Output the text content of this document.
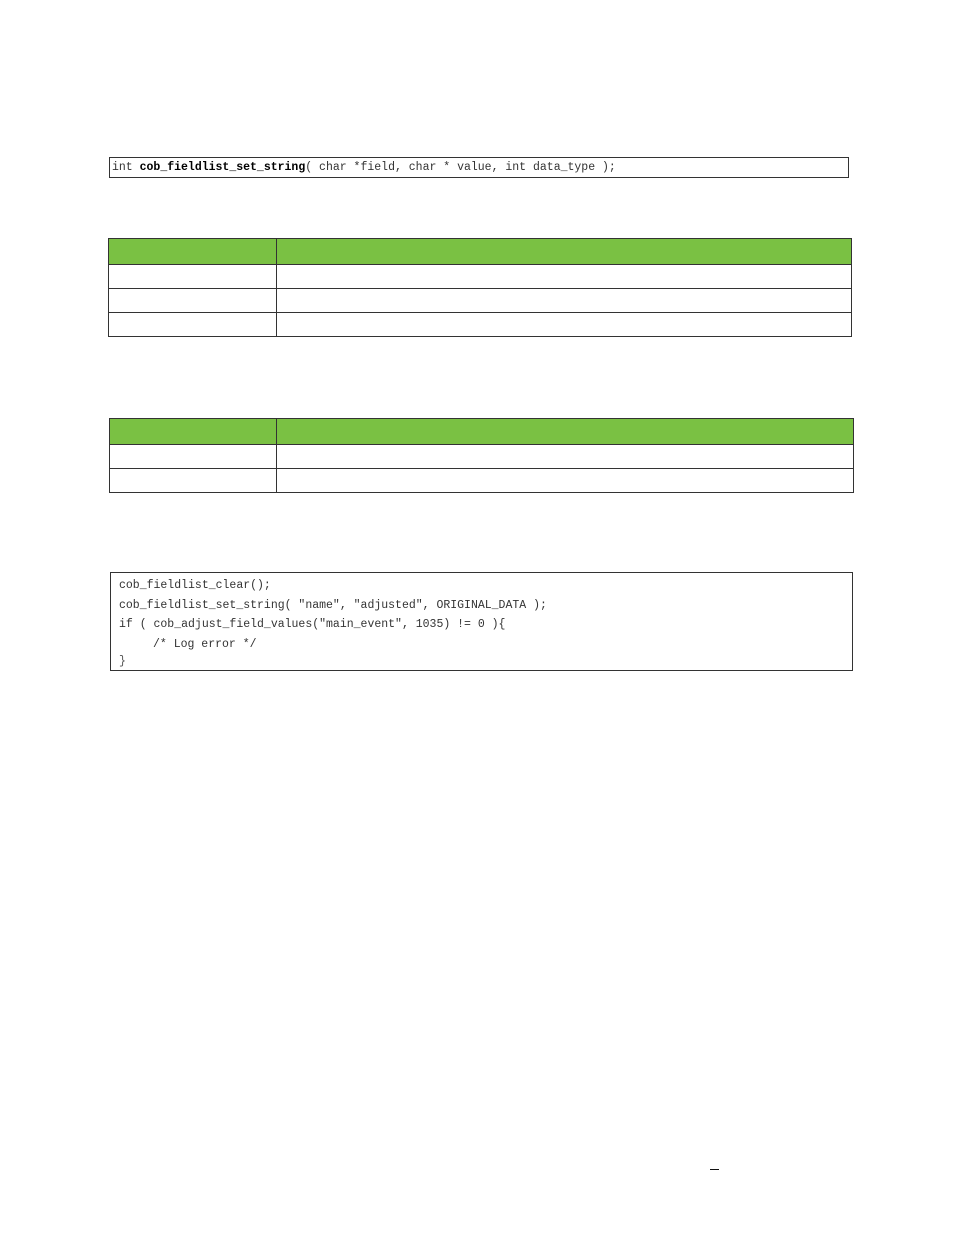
int cob_fieldlist_set_string( char *field, char * value, int data_type );

cob_fieldlist_clear();
cob_fieldlist_set_string( "name", "adjusted", ORIGINAL_DATA );
if ( cob_adjust_field_values("main_event", 1035) != 0 ){
/* Log error */
}
